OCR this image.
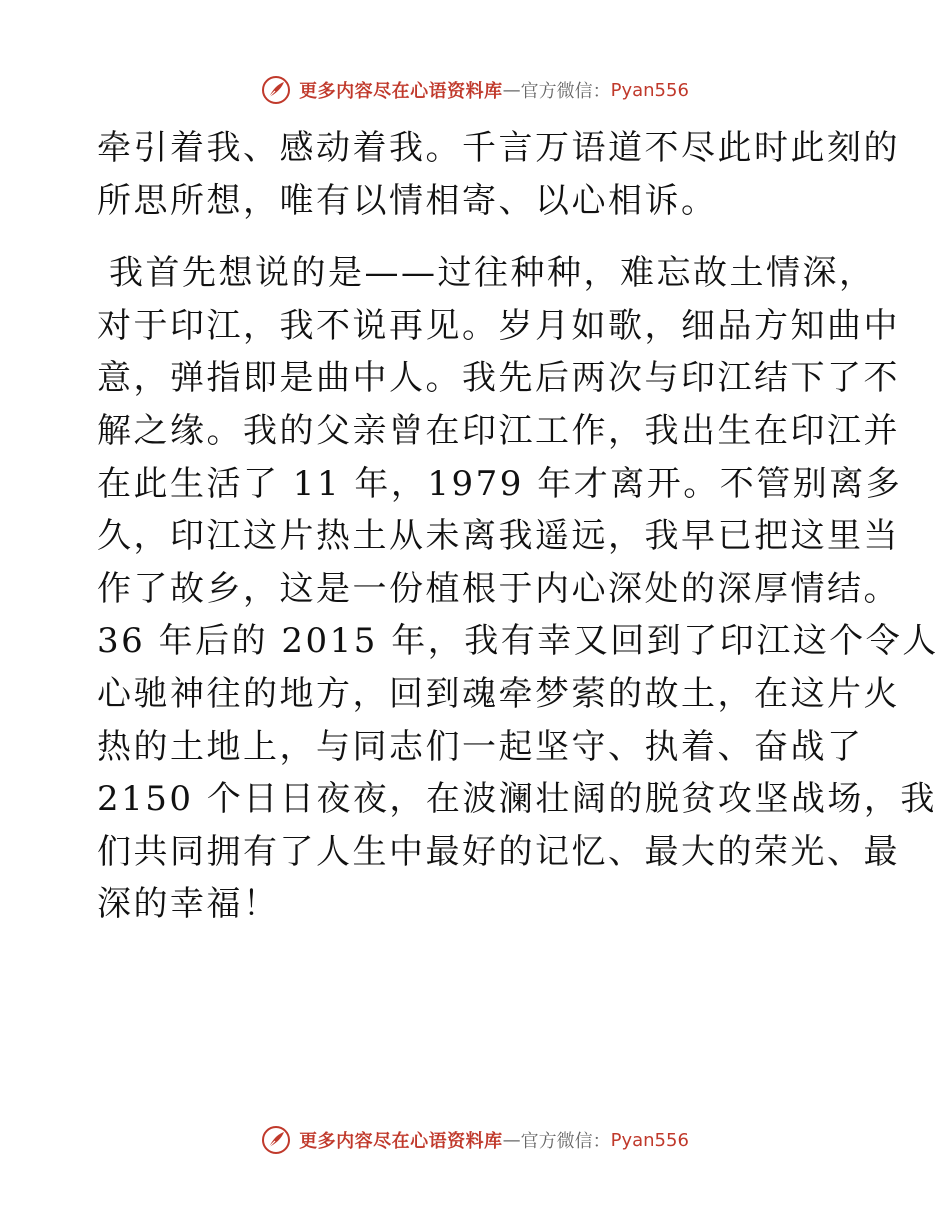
更多内容尽在心语资料库 — 官方微信： Pyan556
牵引着我、感动着我。千言万语道不尽此时此刻的
所思所想，唯有以情相寄、以心相诉。
我首先想说的是——过往种种，难忘故土情深，
对于印江，我不说再见。岁月如歌，细品方知曲中
意，弹指即是曲中人。我先后两次与印江结下了不
解之缘。我的父亲曾在印江工作，我出生在印江并
在此生活了 11 年，1979 年才离开。不管别离多
久，印江这片热土从未离我遥远，我早已把这里当
作了故乡，这是一份植根于内心深处的深厚情结。
36 年后的 2015 年，我有幸又回到了印江这个令人
心驰神往的地方，回到魂牵梦萦的故土，在这片火
热的土地上，与同志们一起坚守、执着、奋战了
2150 个日日夜夜，在波澜壮阔的脱贫攻坚战场，我
们共同拥有了人生中最好的记忆、最大的荣光、最
深的幸福！
更多内容尽在心语资料库 — 官方微信： Pyan556
